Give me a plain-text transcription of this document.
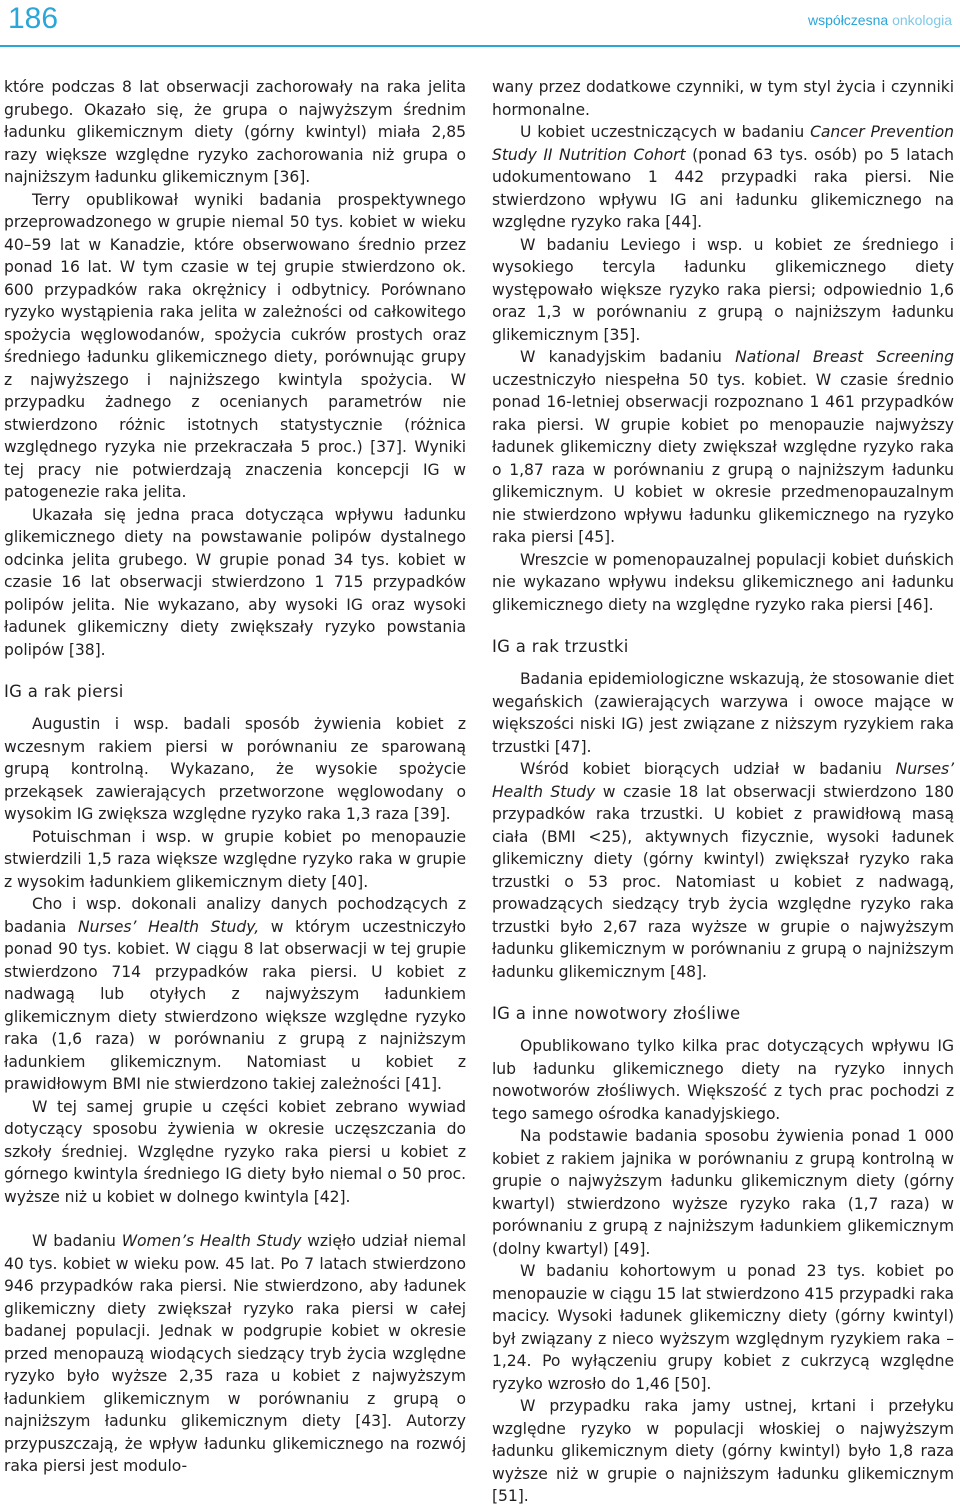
186	współczesna onkologia

które podczas 8 lat obserwacji zachorowały na raka jelita grubego. Okazało się, że grupa o najwyższym średnim ładunku glikemicznym diety (górny kwintyl) miała 2,85 razy większe względne ryzyko zachorowania niż grupa o najniższym ładunku glikemicznym [36].

Terry opublikował wyniki badania prospektywnego przeprowadzonego w grupie niemal 50 tys. kobiet w wieku 40–59 lat w Kanadzie, które obserwowano średnio przez ponad 16 lat. W tym czasie w tej grupie stwierdzono ok. 600 przypadków raka okrężnicy i odbytnicy. Porównano ryzyko wystąpienia raka jelita w zależności od całkowitego spożycia węglowodanów, spożycia cukrów prostych oraz średniego ładunku glikemicznego diety, porównując grupy z najwyższego i najniższego kwintyla spożycia. W przypadku żadnego z ocenianych parametrów nie stwierdzono różnic istotnych statystycznie (różnica względnego ryzyka nie przekraczała 5 proc.) [37]. Wyniki tej pracy nie potwierdzają znaczenia koncepcji IG w patogenezie raka jelita.

Ukazała się jedna praca dotycząca wpływu ładunku glikemicznego diety na powstawanie polipów dystalnego odcinka jelita grubego. W grupie ponad 34 tys. kobiet w czasie 16 lat obserwacji stwierdzono 1 715 przypadków polipów jelita. Nie wykazano, aby wysoki IG oraz wysoki ładunek glikemiczny diety zwiększały ryzyko powstania polipów [38].

IG a rak piersi

Augustin i wsp. badali sposób żywienia kobiet z wczesnym rakiem piersi w porównaniu ze sparowaną grupą kontrolną. Wykazano, że wysokie spożycie przekąsek zawierających przetworzone węglowodany o wysokim IG zwiększa względne ryzyko raka 1,3 raza [39].

Potuischman i wsp. w grupie kobiet po menopauzie stwierdzili 1,5 raza większe względne ryzyko raka w grupie z wysokim ładunkiem glikemicznym diety [40].

Cho i wsp. dokonali analizy danych pochodzących z badania Nurses’ Health Study, w którym uczestniczyło ponad 90 tys. kobiet. W ciągu 8 lat obserwacji w tej grupie stwierdzono 714 przypadków raka piersi. U kobiet z nadwagą lub otyłych z najwyższym ładunkiem glikemicznym diety stwierdzono większe względne ryzyko raka (1,6 raza) w porównaniu z grupą z najniższym ładunkiem glikemicznym. Natomiast u kobiet z prawidłowym BMI nie stwierdzono takiej zależności [41].

W tej samej grupie u części kobiet zebrano wywiad dotyczący sposobu żywienia w okresie uczęszczania do szkoły średniej. Względne ryzyko raka piersi u kobiet z górnego kwintyla średniego IG diety było niemal o 50 proc. wyższe niż u kobiet w dolnego kwintyla [42].

W badaniu Women’s Health Study wzięło udział niemal 40 tys. kobiet w wieku pow. 45 lat. Po 7 latach stwierdzono 946 przypadków raka piersi. Nie stwierdzono, aby ładunek glikemiczny diety zwiększał ryzyko raka piersi w całej badanej populacji. Jednak w podgrupie kobiet w okresie przed menopauzą wiodących siedzący tryb życia względne ryzyko było wyższe 2,35 raza u kobiet z najwyższym ładunkiem glikemicznym w porównaniu z grupą o najniższym ładunku glikemicznym diety [43]. Autorzy przypuszczają, że wpływ ładunku glikemicznego na rozwój raka piersi jest modulo-

wany przez dodatkowe czynniki, w tym styl życia i czynniki hormonalne.

U kobiet uczestniczących w badaniu Cancer Prevention Study II Nutrition Cohort (ponad 63 tys. osób) po 5 latach udokumentowano 1 442 przypadki raka piersi. Nie stwierdzono wpływu IG ani ładunku glikemicznego na względne ryzyko raka [44].

W badaniu Leviego i wsp. u kobiet ze średniego i wysokiego tercyla ładunku glikemicznego diety występowało większe ryzyko raka piersi; odpowiednio 1,6 oraz 1,3 w porównaniu z grupą o najniższym ładunku glikemicznym [35].

W kanadyjskim badaniu National Breast Screening uczestniczyło niespełna 50 tys. kobiet. W czasie średnio ponad 16-letniej obserwacji rozpoznano 1 461 przypadków raka piersi. W grupie kobiet po menopauzie najwyższy ładunek glikemiczny diety zwiększał względne ryzyko raka o 1,87 raza w porównaniu z grupą o najniższym ładunku glikemicznym. U kobiet w okresie przedmenopauzalnym nie stwierdzono wpływu ładunku glikemicznego na ryzyko raka piersi [45].

Wreszcie w pomenopauzalnej populacji kobiet duńskich nie wykazano wpływu indeksu glikemicznego ani ładunku glikemicznego diety na względne ryzyko raka piersi [46].

IG a rak trzustki

Badania epidemiologiczne wskazują, że stosowanie diet wegańskich (zawierających warzywa i owoce mające w większości niski IG) jest związane z niższym ryzykiem raka trzustki [47].

Wśród kobiet biorących udział w badaniu Nurses’ Health Study w czasie 18 lat obserwacji stwierdzono 180 przypadków raka trzustki. U kobiet z prawidłową masą ciała (BMI <25), aktywnych fizycznie, wysoki ładunek glikemiczny diety (górny kwintyl) zwiększał ryzyko raka trzustki o 53 proc. Natomiast u kobiet z nadwagą, prowadzących siedzący tryb życia względne ryzyko raka trzustki było 2,67 raza wyższe w grupie o najwyższym ładunku glikemicznym w porównaniu z grupą o najniższym ładunku glikemicznym [48].

IG a inne nowotwory złośliwe

Opublikowano tylko kilka prac dotyczących wpływu IG lub ładunku glikemicznego diety na ryzyko innych nowotworów złośliwych. Większość z tych prac pochodzi z tego samego ośrodka kanadyjskiego.

Na podstawie badania sposobu żywienia ponad 1 000 kobiet z rakiem jajnika w porównaniu z grupą kontrolną w grupie o najwyższym ładunku glikemicznym diety (górny kwartyl) stwierdzono wyższe ryzyko raka (1,7 raza) w porównaniu z grupą z najniższym ładunkiem glikemicznym (dolny kwartyl) [49].

W badaniu kohortowym u ponad 23 tys. kobiet po menopauzie w ciągu 15 lat stwierdzono 415 przypadki raka macicy. Wysoki ładunek glikemiczny diety (górny kwintyl) był związany z nieco wyższym względnym ryzykiem raka – 1,24. Po wyłączeniu grupy kobiet z cukrzycą względne ryzyko wzrosło do 1,46 [50].

W przypadku raka jamy ustnej, krtani i przełyku względne ryzyko w populacji włoskiej o najwyższym ładunku glikemicznym diety (górny kwintyl) było 1,8 raza wyższe niż w grupie o najniższym ładunku glikemicznym [51].
